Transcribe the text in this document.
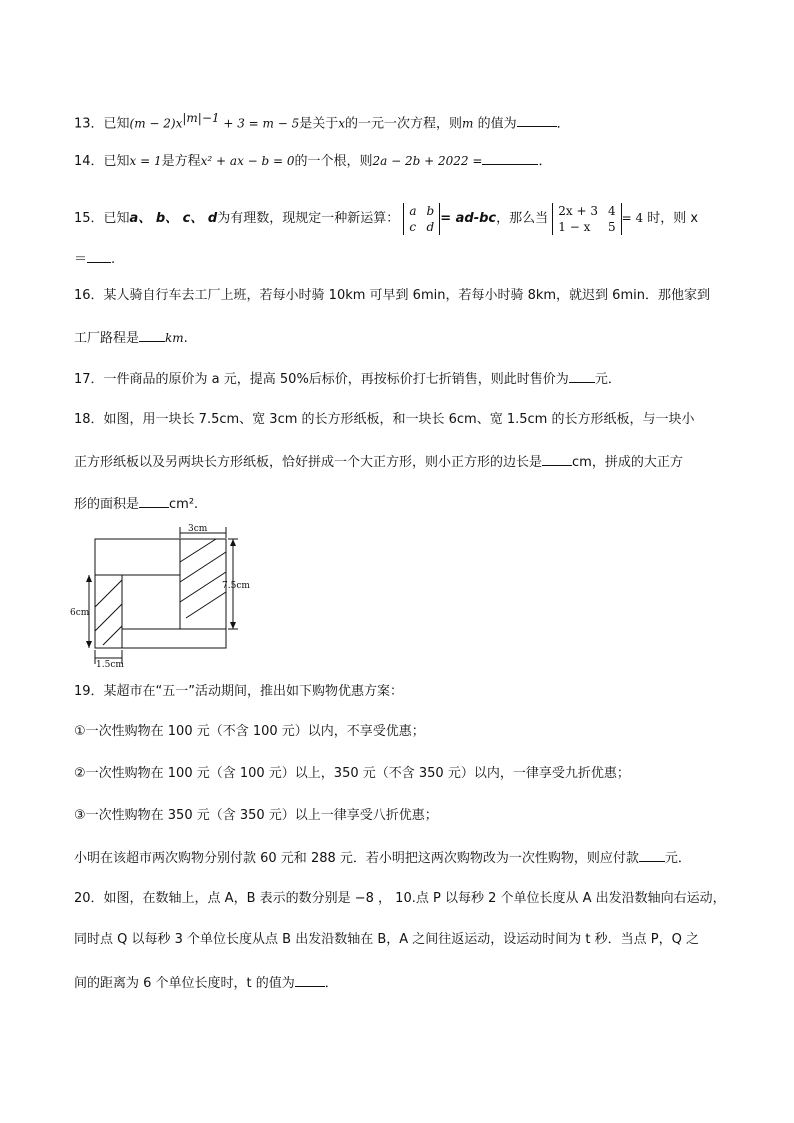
13．已知$(m - 2)x^{|m|-1} + 3 = m - 5$是关于x的一元一次方程，则m 的值为	．
14．已知x = 1是方程x² + ax − b = 0的一个根，则2a − 2b + 2022 =	．
15．已知a、 b、 c、 d为有理数，现规定一种新运算：
a b
c d
= ad-bc，那么当
2x + 3 4
1 − x 5
= 4 时，则 x
＝ .
16．某人骑自行车去工厂上班，若每小时骑 10km 可早到 6min，若每小时骑 8km，就迟到 6min．那他家到
工厂路程是 km.
17．一件商品的原价为 a 元，提高 50%后标价，再按标价打七折销售，则此时售价为 元．
18．如图，用一块长 7.5cm、宽 3cm 的长方形纸板，和一块长 6cm、宽 1.5cm 的长方形纸板，与一块小
正方形纸板以及另两块长方形纸板，恰好拼成一个大正方形，则小正方形的边长是 cm，拼成的大正方
形的面积是 cm².
3cm
7.5cm
6cm
1.5cm
19．某超市在“五一”活动期间，推出如下购物优惠方案：
①一次性购物在 100 元（不含 100 元）以内，不享受优惠；
②一次性购物在 100 元（含 100 元）以上，350 元（不含 350 元）以内，一律享受九折优惠；
③一次性购物在 350 元（含 350 元）以上一律享受八折优惠；
小明在该超市两次购物分别付款 60 元和 288 元．若小明把这两次购物改为一次性购物，则应付款 元．
20．如图，在数轴上，点 A，B 表示的数分别是 −8 ， 10.点 P 以每秒 2 个单位长度从 A 出发沿数轴向右运动，
同时点 Q 以每秒 3 个单位长度从点 B 出发沿数轴在 B，A 之间往返运动，设运动时间为 t 秒．当点 P，Q 之
间的距离为 6 个单位长度时，t 的值为 ．
